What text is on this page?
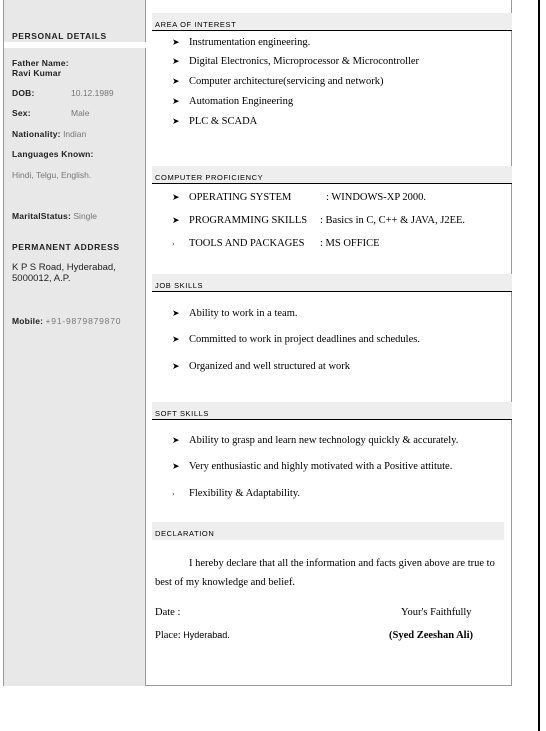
PERSONAL DETAILS
Father Name:
Ravi Kumar
DOB:	10.12.1989
Sex:	Male
Nationality: Indian
Languages Known:
Hindi, Telgu, English.
MaritalStatus: Single
PERMANENT ADDRESS
K P S Road, Hyderabad,
5000012, A.P.
Mobile: +91-9879879870
AREA OF INTEREST
➤ Instrumentation engineering.
➤ Digital Electronics, Microprocessor & Microcontroller
➤ Computer architecture(servicing and network)
➤ Automation Engineering
➤ PLC & SCADA
COMPUTER PROFICIENCY
➤ OPERATING SYSTEM	: WINDOWS-XP 2000.
➤ PROGRAMMING SKILLS : Basics in C, C++ & JAVA, J2EE.
› TOOLS AND PACKAGES : MS OFFICE
JOB SKILLS
➤ Ability to work in a team.
➤ Committed to work in project deadlines and schedules.
➤ Organized and well structured at work
SOFT SKILLS
➤ Ability to grasp and learn new technology quickly & accurately.
➤ Very enthusiastic and highly motivated with a Positive attitute.
› Flexibility & Adaptability.
DECLARATION
I hereby declare that all the information and facts given above are true to best of my knowledge and belief.
Date :	Your's Faithfully
Place: Hyderabad.	(Syed Zeeshan Ali)
